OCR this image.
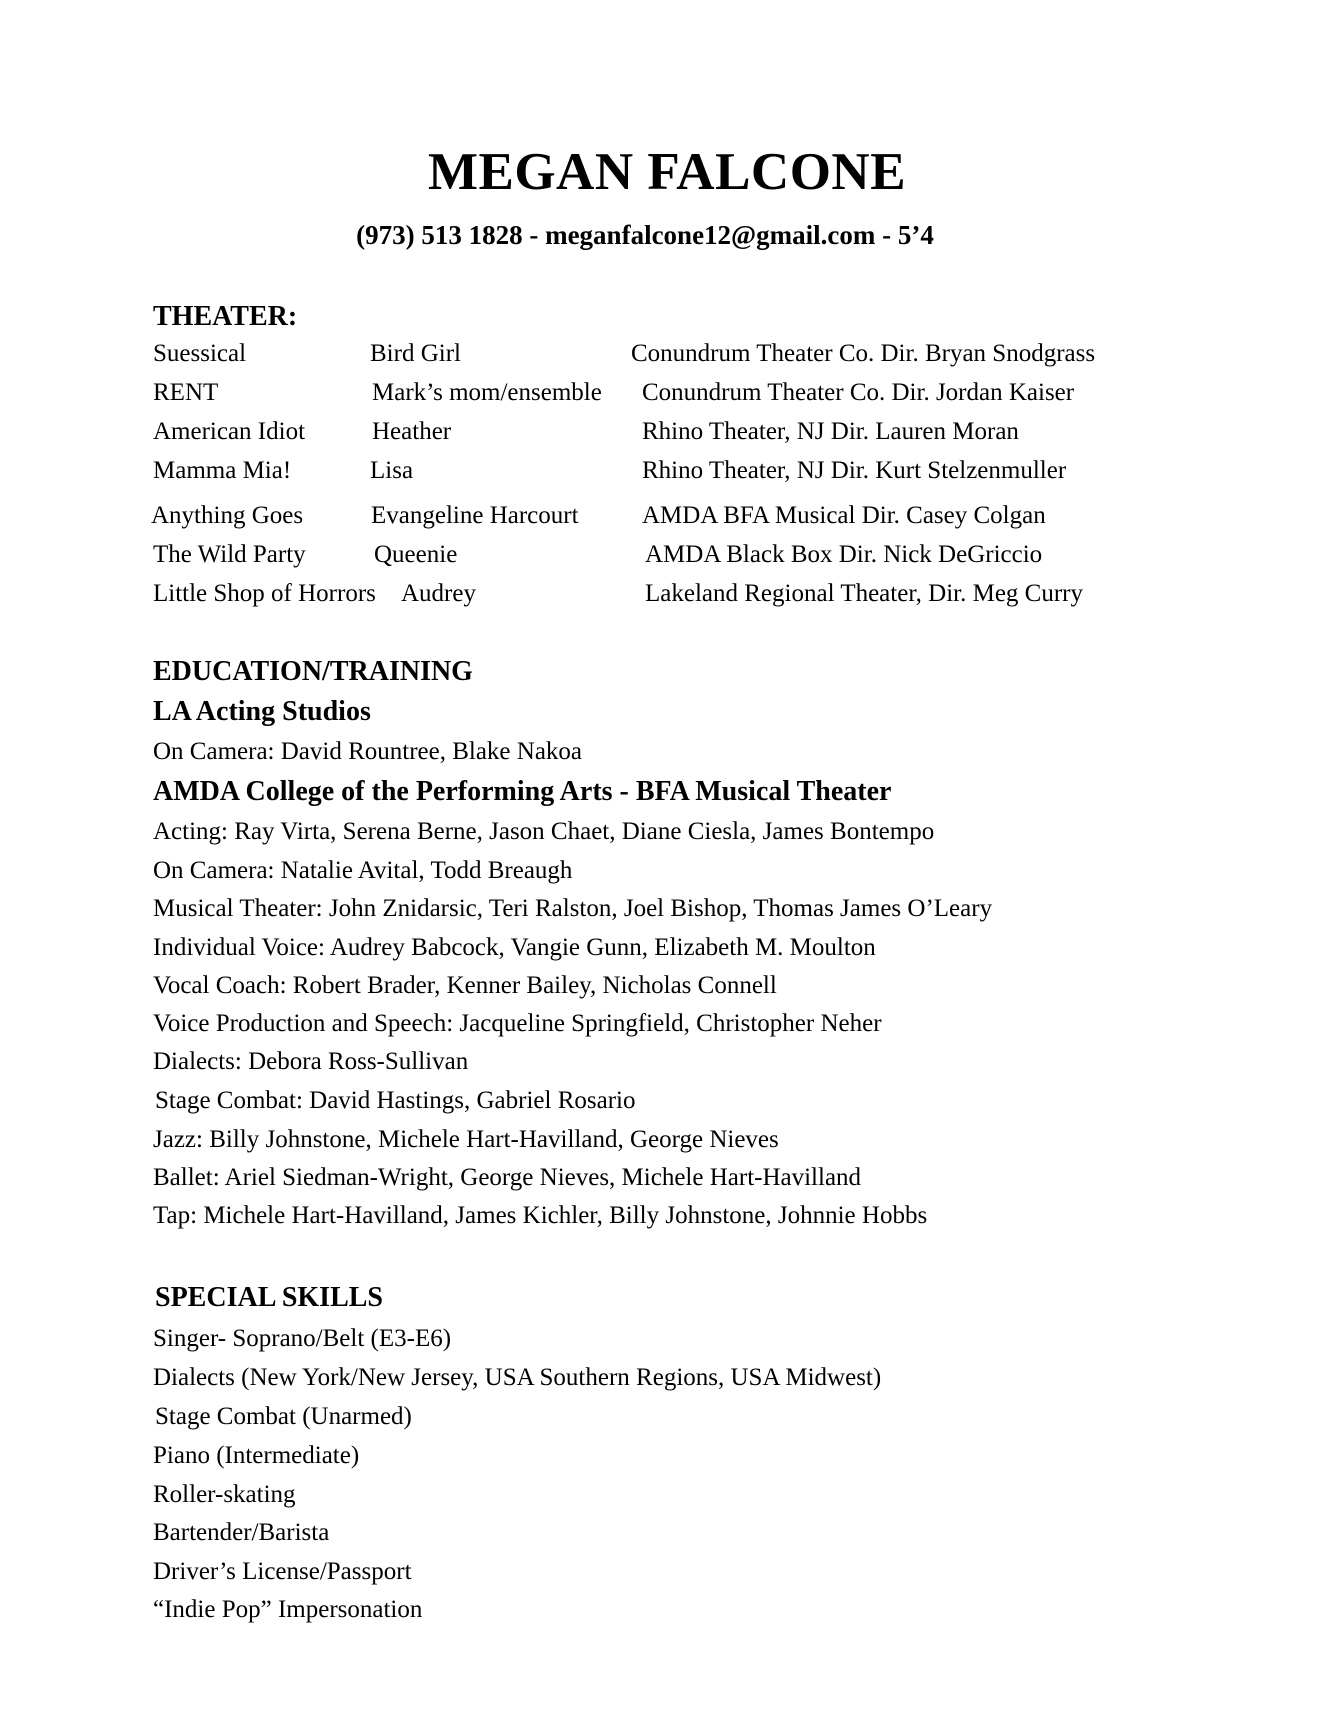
MEGAN FALCONE
(973) 513 1828 - meganfalcone12@gmail.com - 5’4
THEATER:
Suessical	Bird Girl	Conundrum Theater Co. Dir. Bryan Snodgrass
RENT	Mark’s mom/ensemble Conundrum Theater Co. Dir. Jordan Kaiser
American Idiot	Heather	Rhino Theater, NJ Dir. Lauren Moran
Mamma Mia!	Lisa	Rhino Theater, NJ Dir. Kurt Stelzenmuller
Anything Goes	Evangeline Harcourt	AMDA BFA Musical Dir. Casey Colgan
The Wild Party	Queenie	AMDA Black Box Dir. Nick DeGriccio
Little Shop of Horrors Audrey	Lakeland Regional Theater, Dir. Meg Curry
EDUCATION/TRAINING
LA Acting Studios
On Camera: David Rountree, Blake Nakoa
AMDA College of the Performing Arts - BFA Musical Theater
Acting: Ray Virta, Serena Berne, Jason Chaet, Diane Ciesla, James Bontempo
On Camera: Natalie Avital, Todd Breaugh
Musical Theater: John Znidarsic, Teri Ralston, Joel Bishop, Thomas James O’Leary
Individual Voice: Audrey Babcock, Vangie Gunn, Elizabeth M. Moulton
Vocal Coach: Robert Brader, Kenner Bailey, Nicholas Connell
Voice Production and Speech: Jacqueline Springfield, Christopher Neher
Dialects: Debora Ross-Sullivan
Stage Combat: David Hastings, Gabriel Rosario
Jazz: Billy Johnstone, Michele Hart-Havilland, George Nieves
Ballet: Ariel Siedman-Wright, George Nieves, Michele Hart-Havilland
Tap: Michele Hart-Havilland, James Kichler, Billy Johnstone, Johnnie Hobbs
SPECIAL SKILLS
Singer- Soprano/Belt (E3-E6)
Dialects (New York/New Jersey, USA Southern Regions, USA Midwest)
Stage Combat (Unarmed)
Piano (Intermediate)
Roller-skating
Bartender/Barista
Driver’s License/Passport
“Indie Pop” Impersonation
